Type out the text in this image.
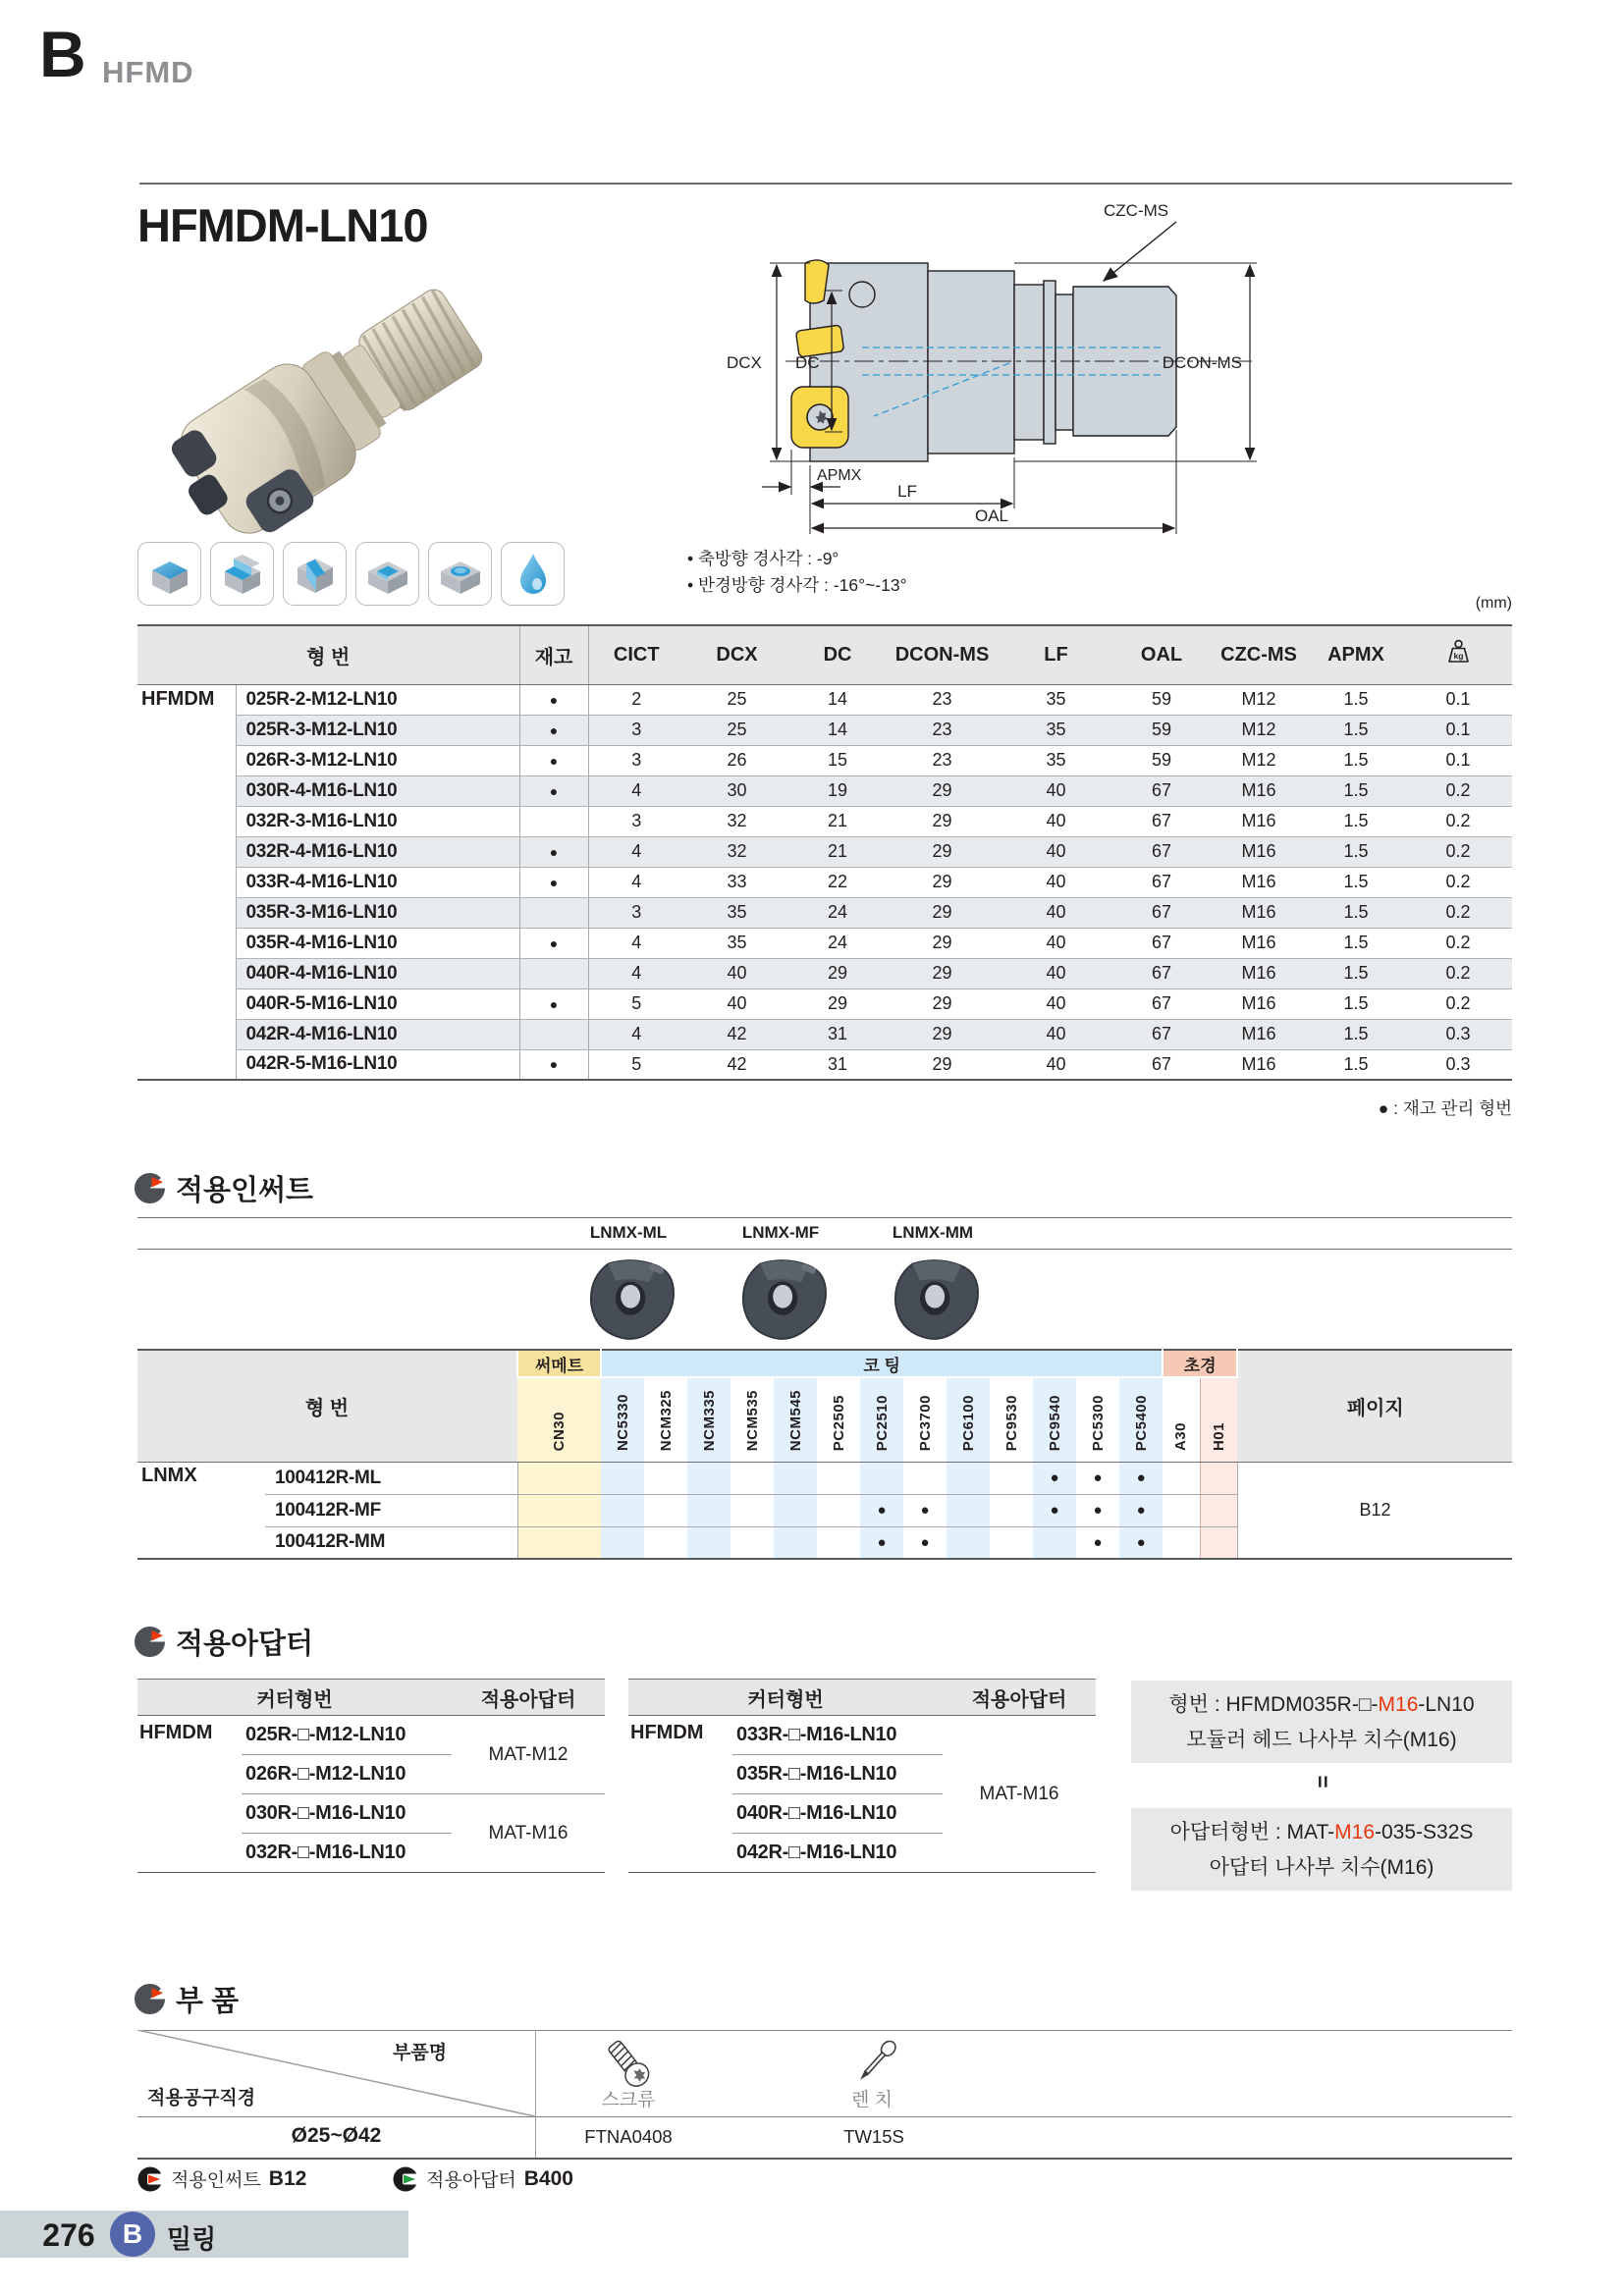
B HFMD
HFMDM-LN10
DCX DC
CZC-MS
DCON-MS
APMX
LF
OAL
• 축방향 경사각 : -9°
• 반경방향 경사각 : -16°~-13°
(mm)
형 번		재고	CICT	DCX	DC	DCON-MS	LF	OAL	CZC-MS	APMX	kg

HFMDM	025R-2-M12-LN10	●	2	25	14	23	35	59	M12	1.5	0.1
	025R-3-M12-LN10	●	3	25	14	23	35	59	M12	1.5	0.1
	026R-3-M12-LN10	●	3	26	15	23	35	59	M12	1.5	0.1
	030R-4-M16-LN10	●	4	30	19	29	40	67	M16	1.5	0.2
	032R-3-M16-LN10		3	32	21	29	40	67	M16	1.5	0.2
	032R-4-M16-LN10	●	4	32	21	29	40	67	M16	1.5	0.2
	033R-4-M16-LN10	●	4	33	22	29	40	67	M16	1.5	0.2
	035R-3-M16-LN10		3	35	24	29	40	67	M16	1.5	0.2
	035R-4-M16-LN10	●	4	35	24	29	40	67	M16	1.5	0.2
	040R-4-M16-LN10		4	40	29	29	40	67	M16	1.5	0.2
	040R-5-M16-LN10	●	5	40	29	29	40	67	M16	1.5	0.2
	042R-4-M16-LN10		4	42	31	29	40	67	M16	1.5	0.3
	042R-5-M16-LN10	●	5	42	31	29	40	67	M16	1.5	0.3
● : 재고 관리 형번
적용인써트
LNMX-ML	LNMX-MF	LNMX-MM
형 번		써메트	코 팅													초경		페이지
		CN30	NC5330	NCM325	NCM335	NCM535	NCM545	PC2505	PC2510	PC3700	PC6100	PC9530	PC9540	PC5300	PC5400	A30	H01	
LNMX	100412R-ML												●	●	●			B12
	100412R-MF								●	●			●	●	●			
	100412R-MM								●	●				●	●			
적용아답터
커터형번		적용아답터
HFMDM	025R-□-M12-LN10	MAT-M12
	026R-□-M12-LN10	
	030R-□-M16-LN10	MAT-M16
	032R-□-M16-LN10	
커터형번		적용아답터
HFMDM	033R-□-M16-LN10	MAT-M16
	035R-□-M16-LN10	
	040R-□-M16-LN10	
	042R-□-M16-LN10	
형번 : HFMDM035R-□-M16-LN10
모듈러 헤드 나사부 치수(M16)
=
아답터형번 : MAT-M16-035-S32S
아답터 나사부 치수(M16)
부 품
부품명
적용공구직경	스크류	렌 치
Ø25~Ø42	FTNA0408	TW15S
적용인써트 B12	적용아답터 B400
276	B 밀링
